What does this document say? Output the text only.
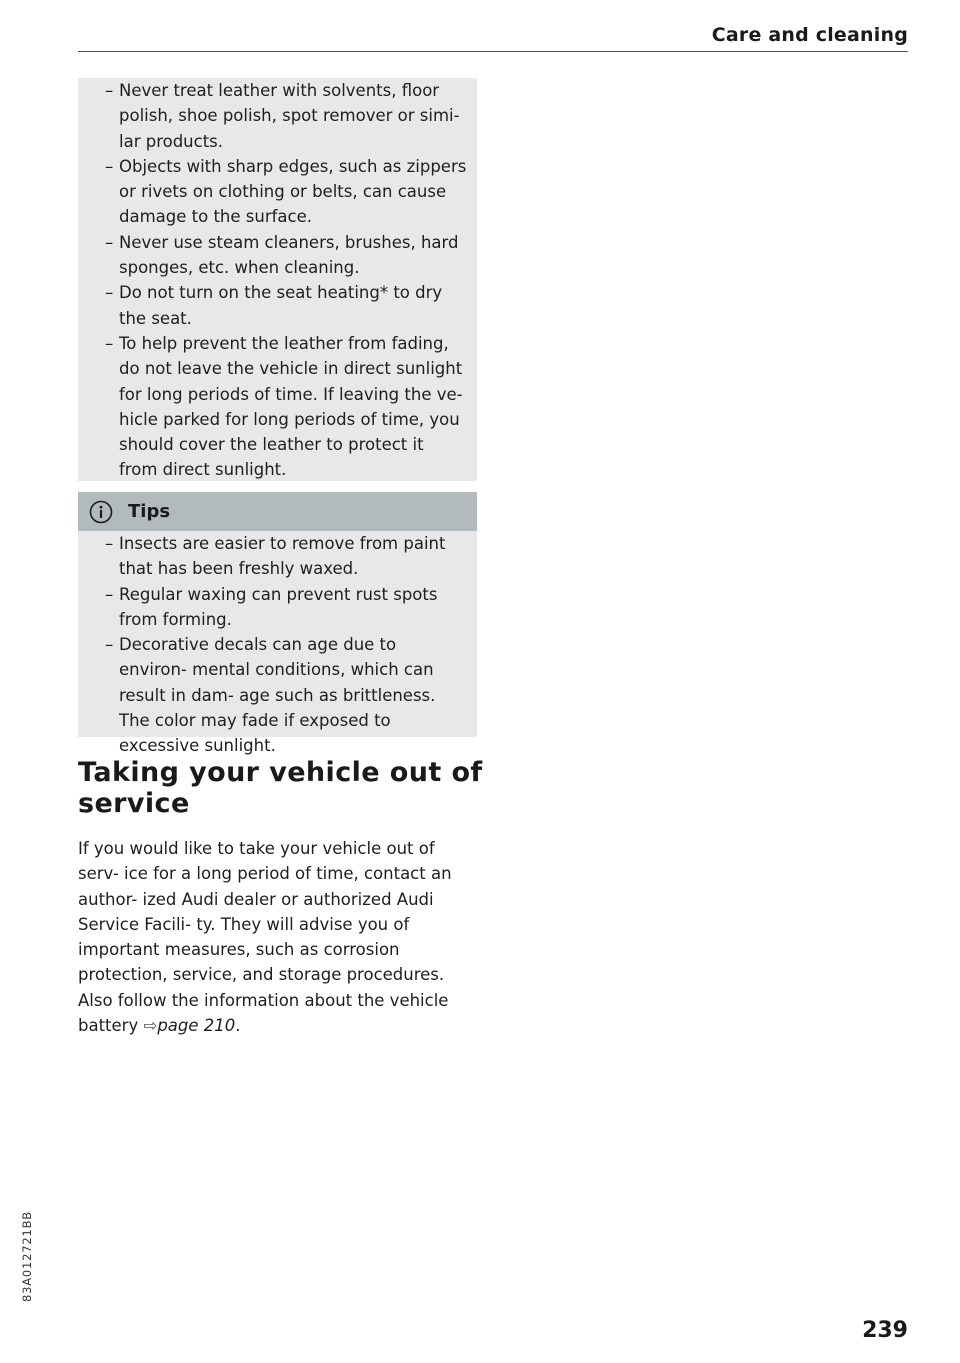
Care and cleaning
– Never treat leather with solvents, floor polish, shoe polish, spot remover or simi- lar products.
– Objects with sharp edges, such as zippers or rivets on clothing or belts, can cause damage to the surface.
– Never use steam cleaners, brushes, hard sponges, etc. when cleaning.
– Do not turn on the seat heating* to dry the seat.
– To help prevent the leather from fading, do not leave the vehicle in direct sunlight for long periods of time. If leaving the ve- hicle parked for long periods of time, you should cover the leather to protect it from direct sunlight.
Tips
– Insects are easier to remove from paint that has been freshly waxed.
– Regular waxing can prevent rust spots from forming.
– Decorative decals can age due to environ- mental conditions, which can result in dam- age such as brittleness. The color may fade if exposed to excessive sunlight.
Taking your vehicle out of service

If you would like to take your vehicle out of serv- ice for a long period of time, contact an author- ized Audi dealer or authorized Audi Service Facili- ty. They will advise you of important measures, such as corrosion protection, service, and storage procedures. Also follow the information about the vehicle battery ⇨page 210.

83A012721BB
239
